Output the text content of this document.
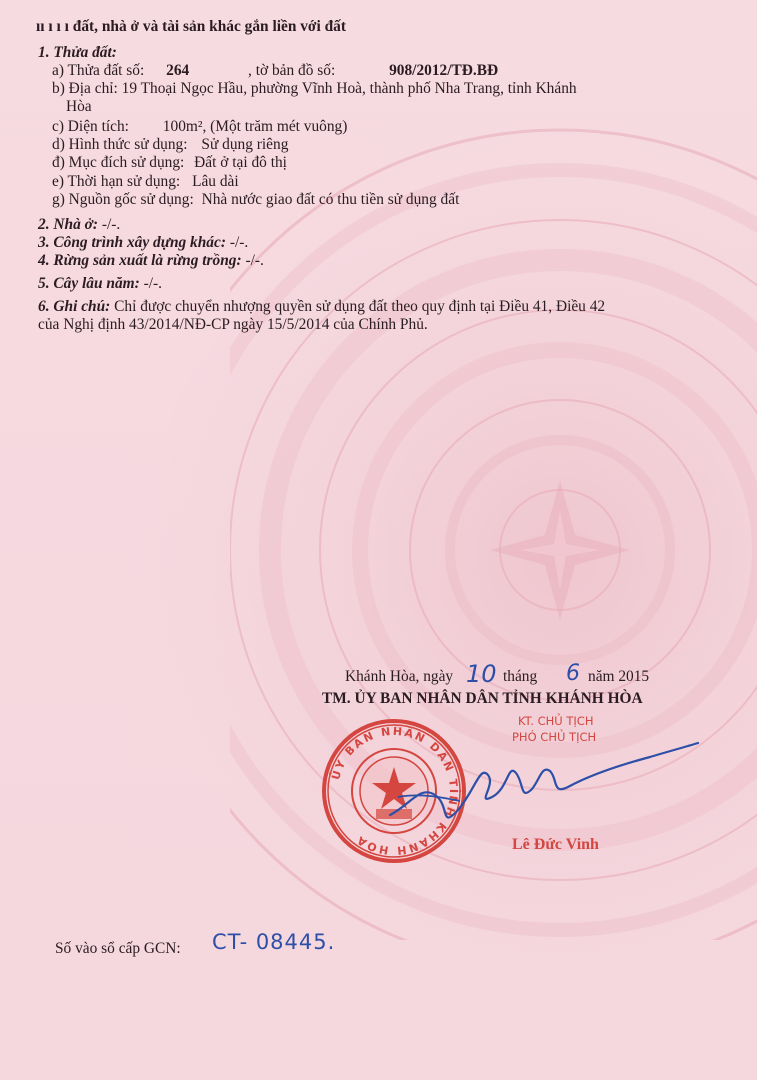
ıı ı ı ı đất, nhà ở và tài sản khác gắn liền với đất
1. Thửa đất:
a) Thửa đất số: 264	, tờ bản đồ số:	908/2012/TĐ.BĐ
b) Địa chỉ: 19 Thoại Ngọc Hầu, phường Vĩnh Hoà, thành phố Nha Trang, tỉnh Khánh
Hòa
c) Diện tích: 100m², (Một trăm mét vuông)
d) Hình thức sử dụng: Sử dụng riêng
đ) Mục đích sử dụng: Đất ở tại đô thị
e) Thời hạn sử dụng: Lâu dài
g) Nguồn gốc sử dụng: Nhà nước giao đất có thu tiền sử dụng đất
2. Nhà ở: -/-.
3. Công trình xây dựng khác: -/-.
4. Rừng sản xuất là rừng trồng: -/-.
5. Cây lâu năm: -/-.
6. Ghi chú: Chỉ được chuyển nhượng quyền sử dụng đất theo quy định tại Điều 41, Điều 42
của Nghị định 43/2014/NĐ-CP ngày 15/5/2014 của Chính Phủ.
Khánh Hòa, ngày 10 tháng 6 năm 2015
TM. ỦY BAN NHÂN DÂN TỈNH KHÁNH HÒA
KT. CHỦ TỊCH
PHÓ CHỦ TỊCH
ỦY BAN NHÂN DÂN TỈNH KHÁNH HÒA	Lê Đức Vinh
Số vào sổ cấp GCN: CT- 08445.
